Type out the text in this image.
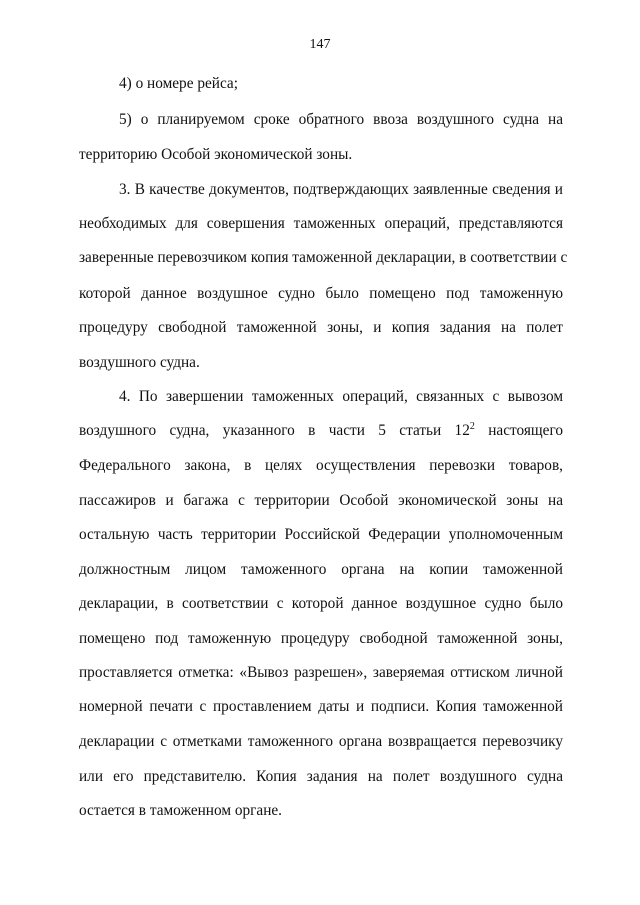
147
4) о номере рейса;
5) о планируемом сроке обратного ввоза воздушного судна на
территорию Особой экономической зоны.
3. В качестве документов, подтверждающих заявленные сведения и
необходимых для совершения таможенных операций, представляются
заверенные перевозчиком копия таможенной декларации, в соответствии с
которой данное воздушное судно было помещено под таможенную
процедуру свободной таможенной зоны, и копия задания на полет
воздушного судна.
4. По завершении таможенных операций, связанных с вывозом
воздушного судна, указанного в части 5 статьи $12^2$ настоящего
Федерального закона, в целях осуществления перевозки товаров,
пассажиров и багажа с территории Особой экономической зоны на
остальную часть территории Российской Федерации уполномоченным
должностным лицом таможенного органа на копии таможенной
декларации, в соответствии с которой данное воздушное судно было
помещено под таможенную процедуру свободной таможенной зоны,
проставляется отметка: «Вывоз разрешен», заверяемая оттиском личной
номерной печати с проставлением даты и подписи. Копия таможенной
декларации с отметками таможенного органа возвращается перевозчику
или его представителю. Копия задания на полет воздушного судна
остается в таможенном органе.
